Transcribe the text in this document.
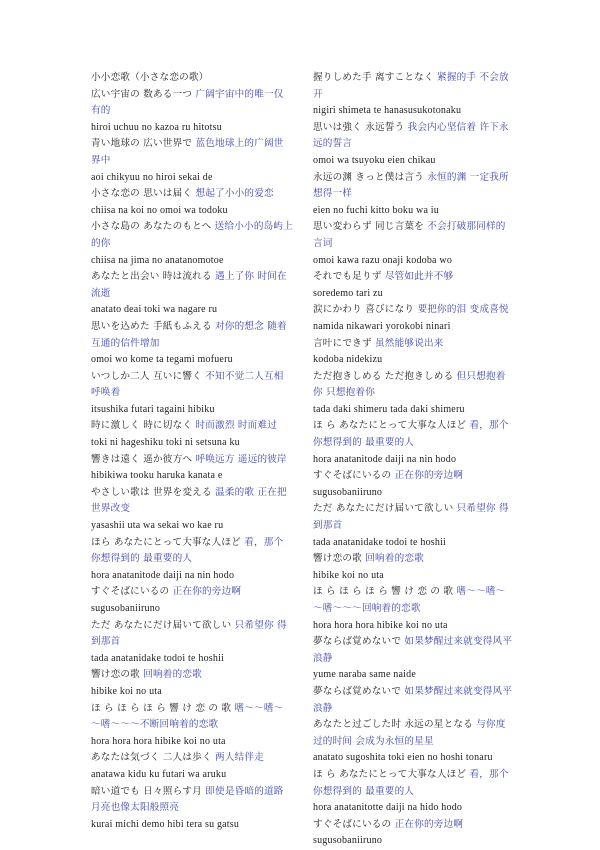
小小恋歌（小さな恋の歌）
広い宇宙の 数ある一つ 广阔宇宙中的唯一仅有的
hiroi uchuu no kazoa ru hitotsu
青い地球の 広い世界で 蓝色地球上的广阔世界中
aoi chikyuu no hiroi sekai de
小さな恋の 思いは届く 想起了小小的爱恋
chiisa na koi no omoi wa todoku
小さな島の あなたのもとへ 送给小小的岛屿上的你
chiisa na jima no anatanomotoe
あなたと出会い 時は流れる 遇上了你 时间在流逝
anatato deai toki wa nagare ru
思いを込めた 手紙もふえる 对你的想念 随着互通的信件增加
omoi wo kome ta tegami mofueru
いつしか二人 互いに響く 不知不觉二人互相呼唤着
itsushika futari tagaini hibiku
時に激しく 時に切なく 时而激烈 时而难过
toki ni hageshiku toki ni setsuna ku
響きは遠く 遥か彼方へ 呼唤远方 遥远的彼岸
hibikiwa tooku haruka kanata e
やさしい歌は 世界を変える 温柔的歌 正在把世界改变
yasashii uta wa sekai wo kae ru
ほら あなたにとって大事な人ほど 看，那个你想得到的 最重要的人
hora anatanitode daiji na nin hodo
すぐそばにいるの 正在你的旁边啊
sugusobaniiruno
ただ あなたにだけ届いて欲しい 只希望你 得到那首
tada anatanidake todoi te hoshii
響け恋の歌 回响着的恋歌
hibike koi no uta
ほ ら ほ ら ほ ら 響 け 恋 の 歌 嗜～～嗜～～嗜～～～不断回响着的恋歌
hora hora hora hibike koi no uta
あなたは気づく 二人は歩く 两人结伴走
anatawa kidu ku futari wa aruku
暗い道でも 日々照らす月 即使是昏暗的道路 月亮也像太阳般照亮
kurai michi demo hibi tera su gatsu
握りしめた手 离すことなく 紧握的手 不会放开
nigiri shimeta te hanasusukotonaku
思いは強く 永远誓う 我会内心坚信着 许下永远的誓言
omoi wa tsuyoku eien chikau
永远の渊 きっと僕は言う 永恒的渊 一定我所想得一样
eien no fuchi kitto boku wa iu
思い変わらず 同じ言葉を 不会打破那同样的言词
omoi kawa razu onaji kodoba wo
それでも足りず 尽管如此并不够
soredemo tari zu
涙にかわり 喜びになり 要把你的泪 变成喜悦
namida nikawari yorokobi ninari
言叶にできず 虽然能够说出来
kodoba nidekizu
ただ抱きしめる ただ抱きしめる 但只想抱着你 只想抱着你
tada daki shimeru tada daki shimeru
ほ ら あなたにとって大事な人ほど 看，那个你想得到的 最重要的人
hora anatanitode daiji na nin hodo
すぐそばにいるの 正在你的旁边啊
sugusobaniiruno
ただ あなたにだけ届いて欲しい 只希望你 得到那首
tada anatanidake todoi te hoshii
響け恋の歌 回响着的恋歌
hibike koi no uta
ほ ら ほ ら ほ ら 響 け 恋 の 歌 嗜～～嗜～～嗜～～～回响着的恋歌
hora hora hora hibike koi no uta
夢ならば覚めないで 如果梦醒过来就变得风平浪静
yume naraba same naide
夢ならば覚めないで 如果梦醒过来就变得风平浪静
あなたと过ごした时 永远の星となる 与你度过的时间 会成为永恒的星星
anatato sugoshita toki eien no hoshi tonaru
ほ ら あなたにとって大事な人ほど 看，那个你想得到的 最重要的人
hora anatanitotte daiji na hido hodo
すぐそばにいるの 正在你的旁边啊
sugusobaniiruno
